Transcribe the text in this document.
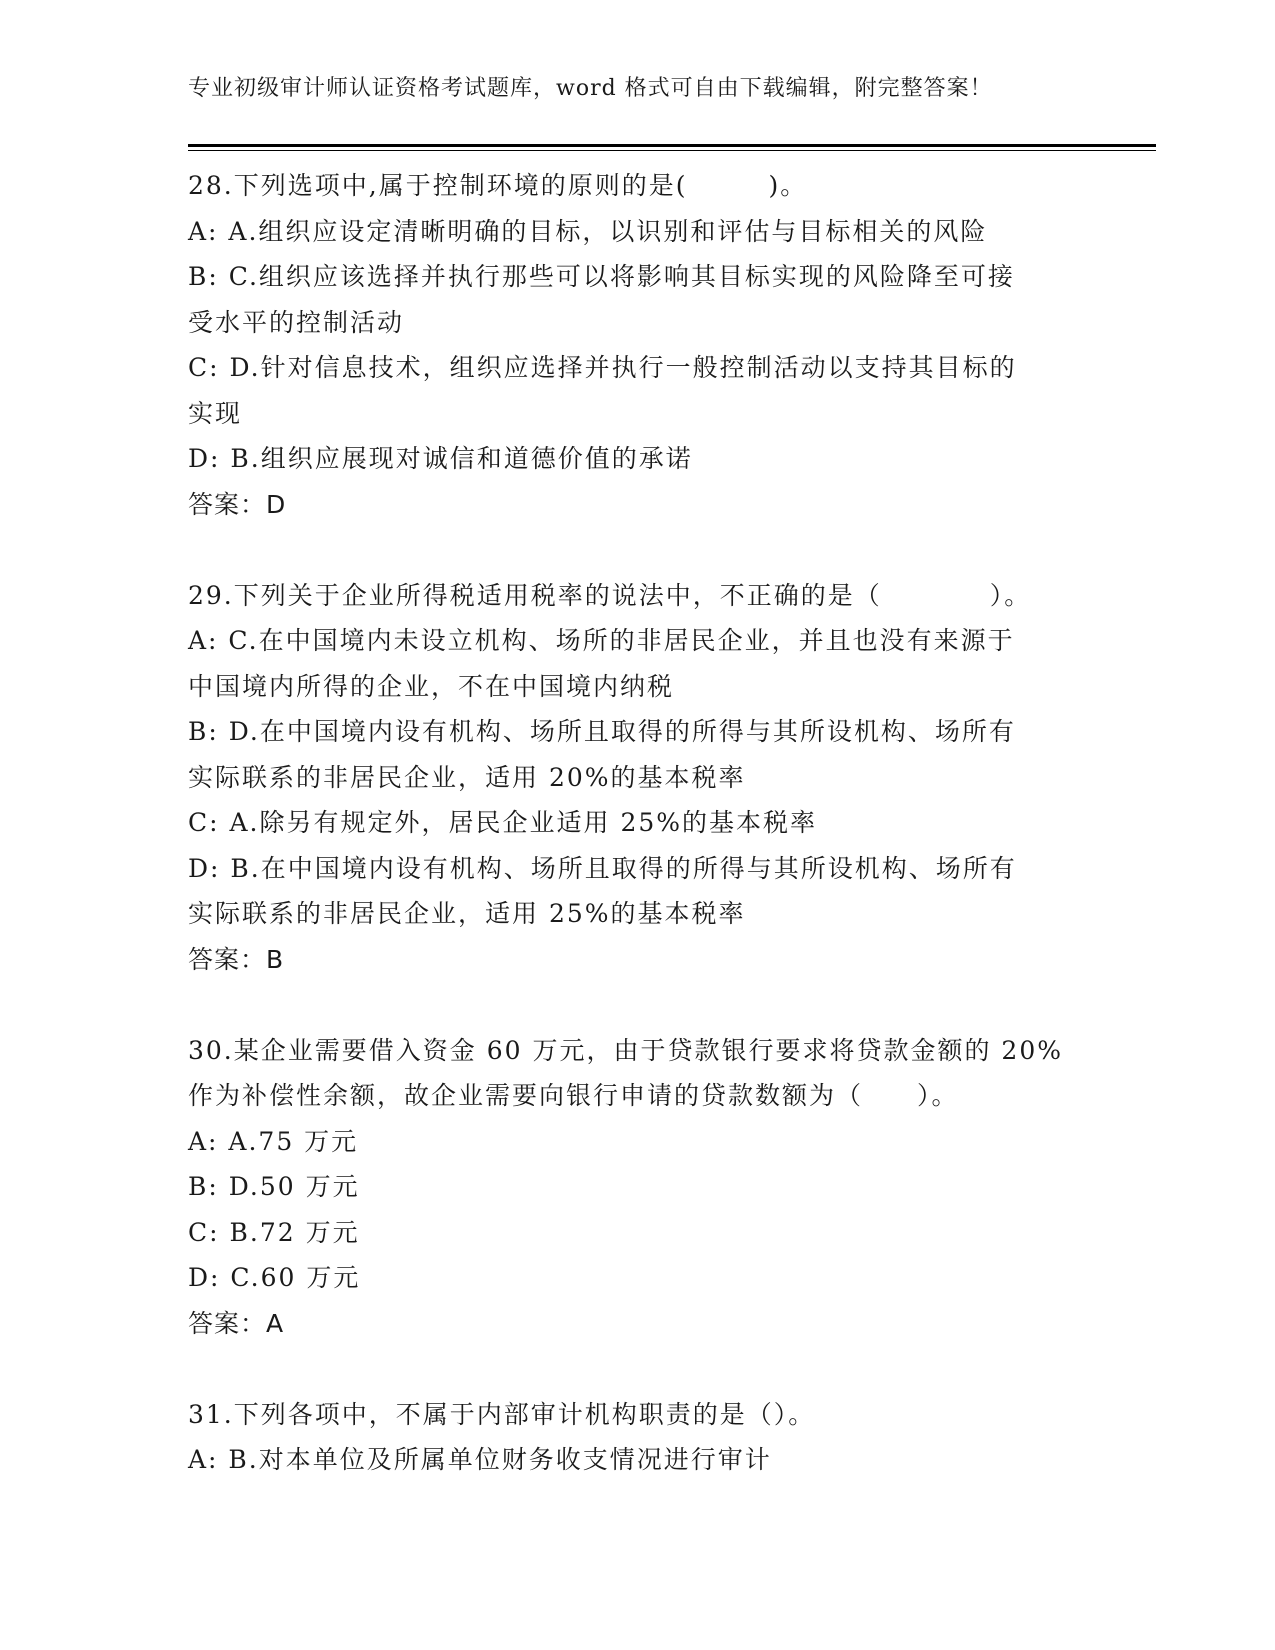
专业初级审计师认证资格考试题库，word 格式可自由下载编辑，附完整答案！
28.下列选项中,属于控制环境的原则的是(　　　)。
A: A.组织应设定清晰明确的目标，以识别和评估与目标相关的风险
B: C.组织应该选择并执行那些可以将影响其目标实现的风险降至可接
受水平的控制活动
C: D.针对信息技术，组织应选择并执行一般控制活动以支持其目标的
实现
D: B.组织应展现对诚信和道德价值的承诺
答案：D
29.下列关于企业所得税适用税率的说法中，不正确的是（　　　　）。
A: C.在中国境内未设立机构、场所的非居民企业，并且也没有来源于
中国境内所得的企业，不在中国境内纳税
B: D.在中国境内设有机构、场所且取得的所得与其所设机构、场所有
实际联系的非居民企业，适用 20%的基本税率
C: A.除另有规定外，居民企业适用 25%的基本税率
D: B.在中国境内设有机构、场所且取得的所得与其所设机构、场所有
实际联系的非居民企业，适用 25%的基本税率
答案：B
30.某企业需要借入资金 60 万元，由于贷款银行要求将贷款金额的 20%
作为补偿性余额，故企业需要向银行申请的贷款数额为（　　）。
A: A.75 万元
B: D.50 万元
C: B.72 万元
D: C.60 万元
答案：A
31.下列各项中，不属于内部审计机构职责的是（）。
A: B.对本单位及所属单位财务收支情况进行审计
